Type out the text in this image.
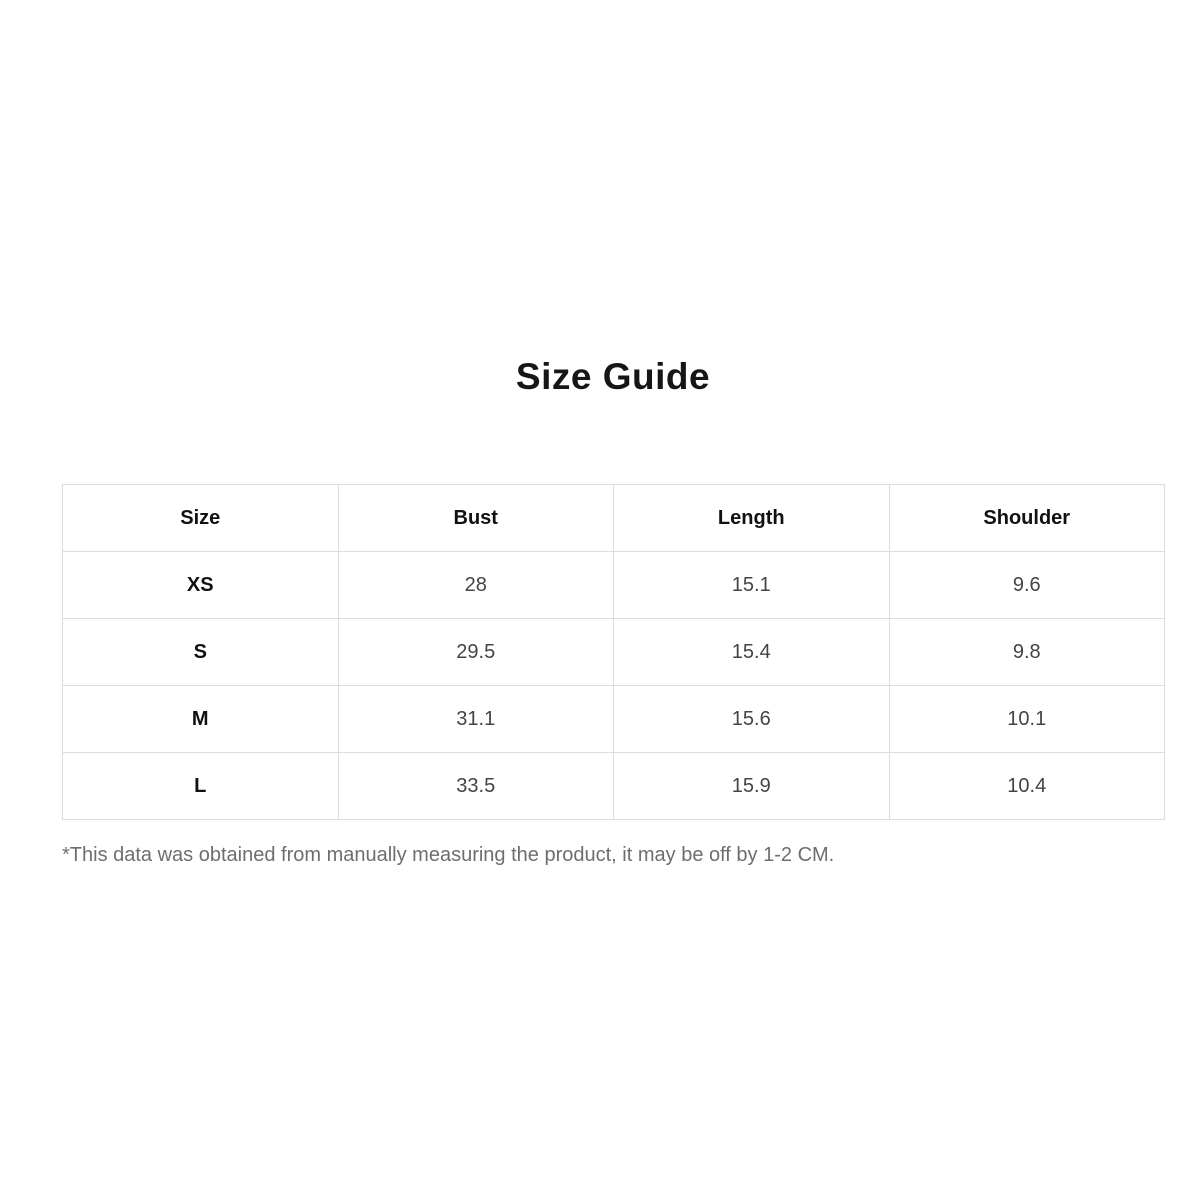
Size Guide
Size	Bust	Length	Shoulder
XS	28	15.1	9.6
S	29.5	15.4	9.8
M	31.1	15.6	10.1
L	33.5	15.9	10.4

*This data was obtained from manually measuring the product, it may be off by 1-2 CM.
